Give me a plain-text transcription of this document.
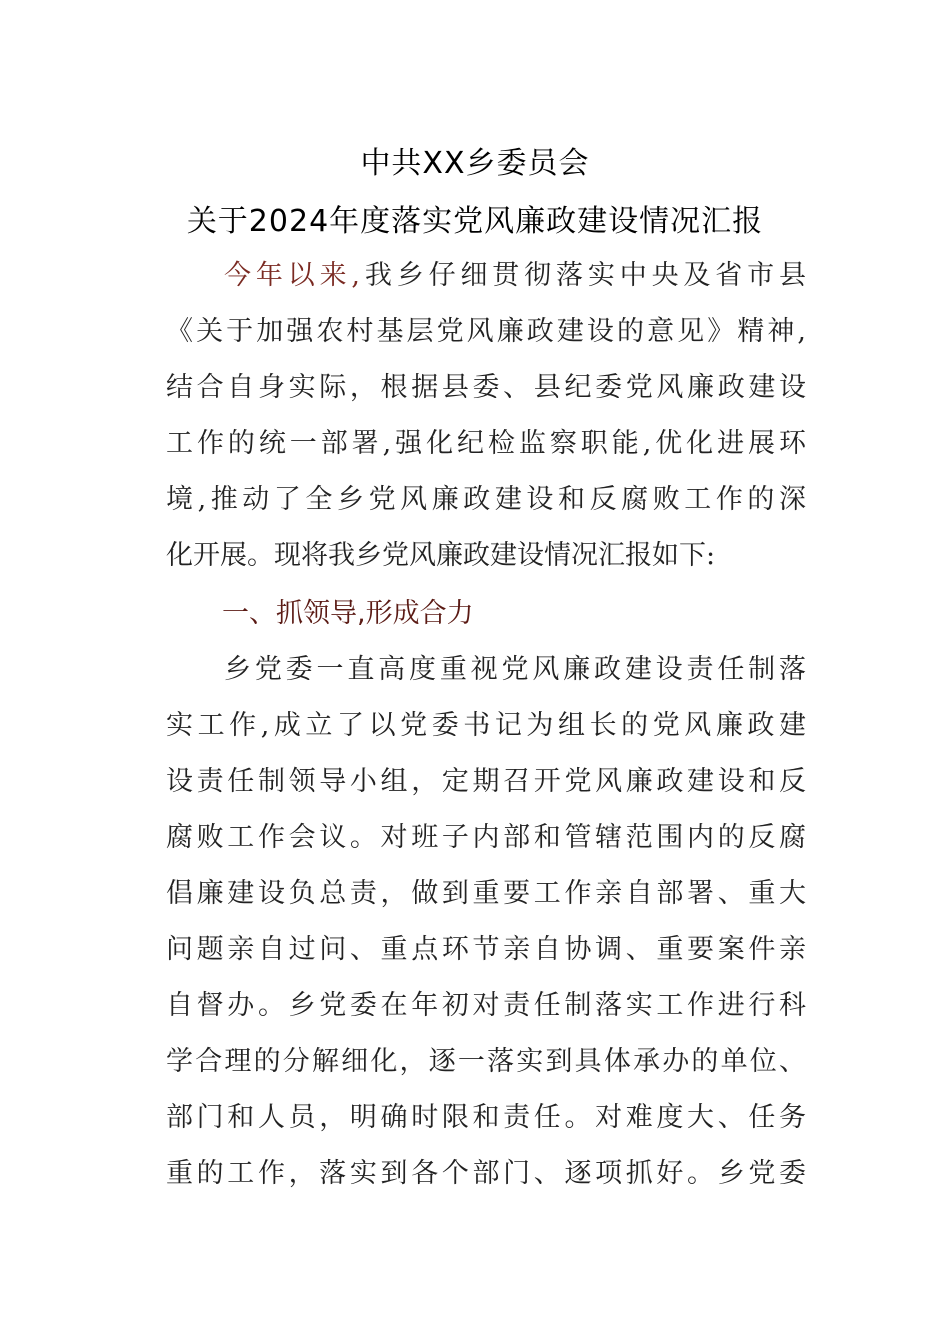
中共XX乡委员会
关于2024年度落实党风廉政建设情况汇报
今年以来,我乡仔细贯彻落实中央及省市县
《关于加强农村基层党风廉政建设的意见》精神,
结合自身实际，根据县委、县纪委党风廉政建设
工作的统一部署,强化纪检监察职能,优化进展环
境,推动了全乡党风廉政建设和反腐败工作的深
化开展。现将我乡党风廉政建设情况汇报如下:
一、抓领导,形成合力
乡党委一直高度重视党风廉政建设责任制落
实工作,成立了以党委书记为组长的党风廉政建
设责任制领导小组，定期召开党风廉政建设和反
腐败工作会议。对班子内部和管辖范围内的反腐
倡廉建设负总责，做到重要工作亲自部署、重大
问题亲自过问、重点环节亲自协调、重要案件亲
自督办。乡党委在年初对责任制落实工作进行科
学合理的分解细化，逐一落实到具体承办的单位、
部门和人员，明确时限和责任。对难度大、任务
重的工作，落实到各个部门、逐项抓好。乡党委
